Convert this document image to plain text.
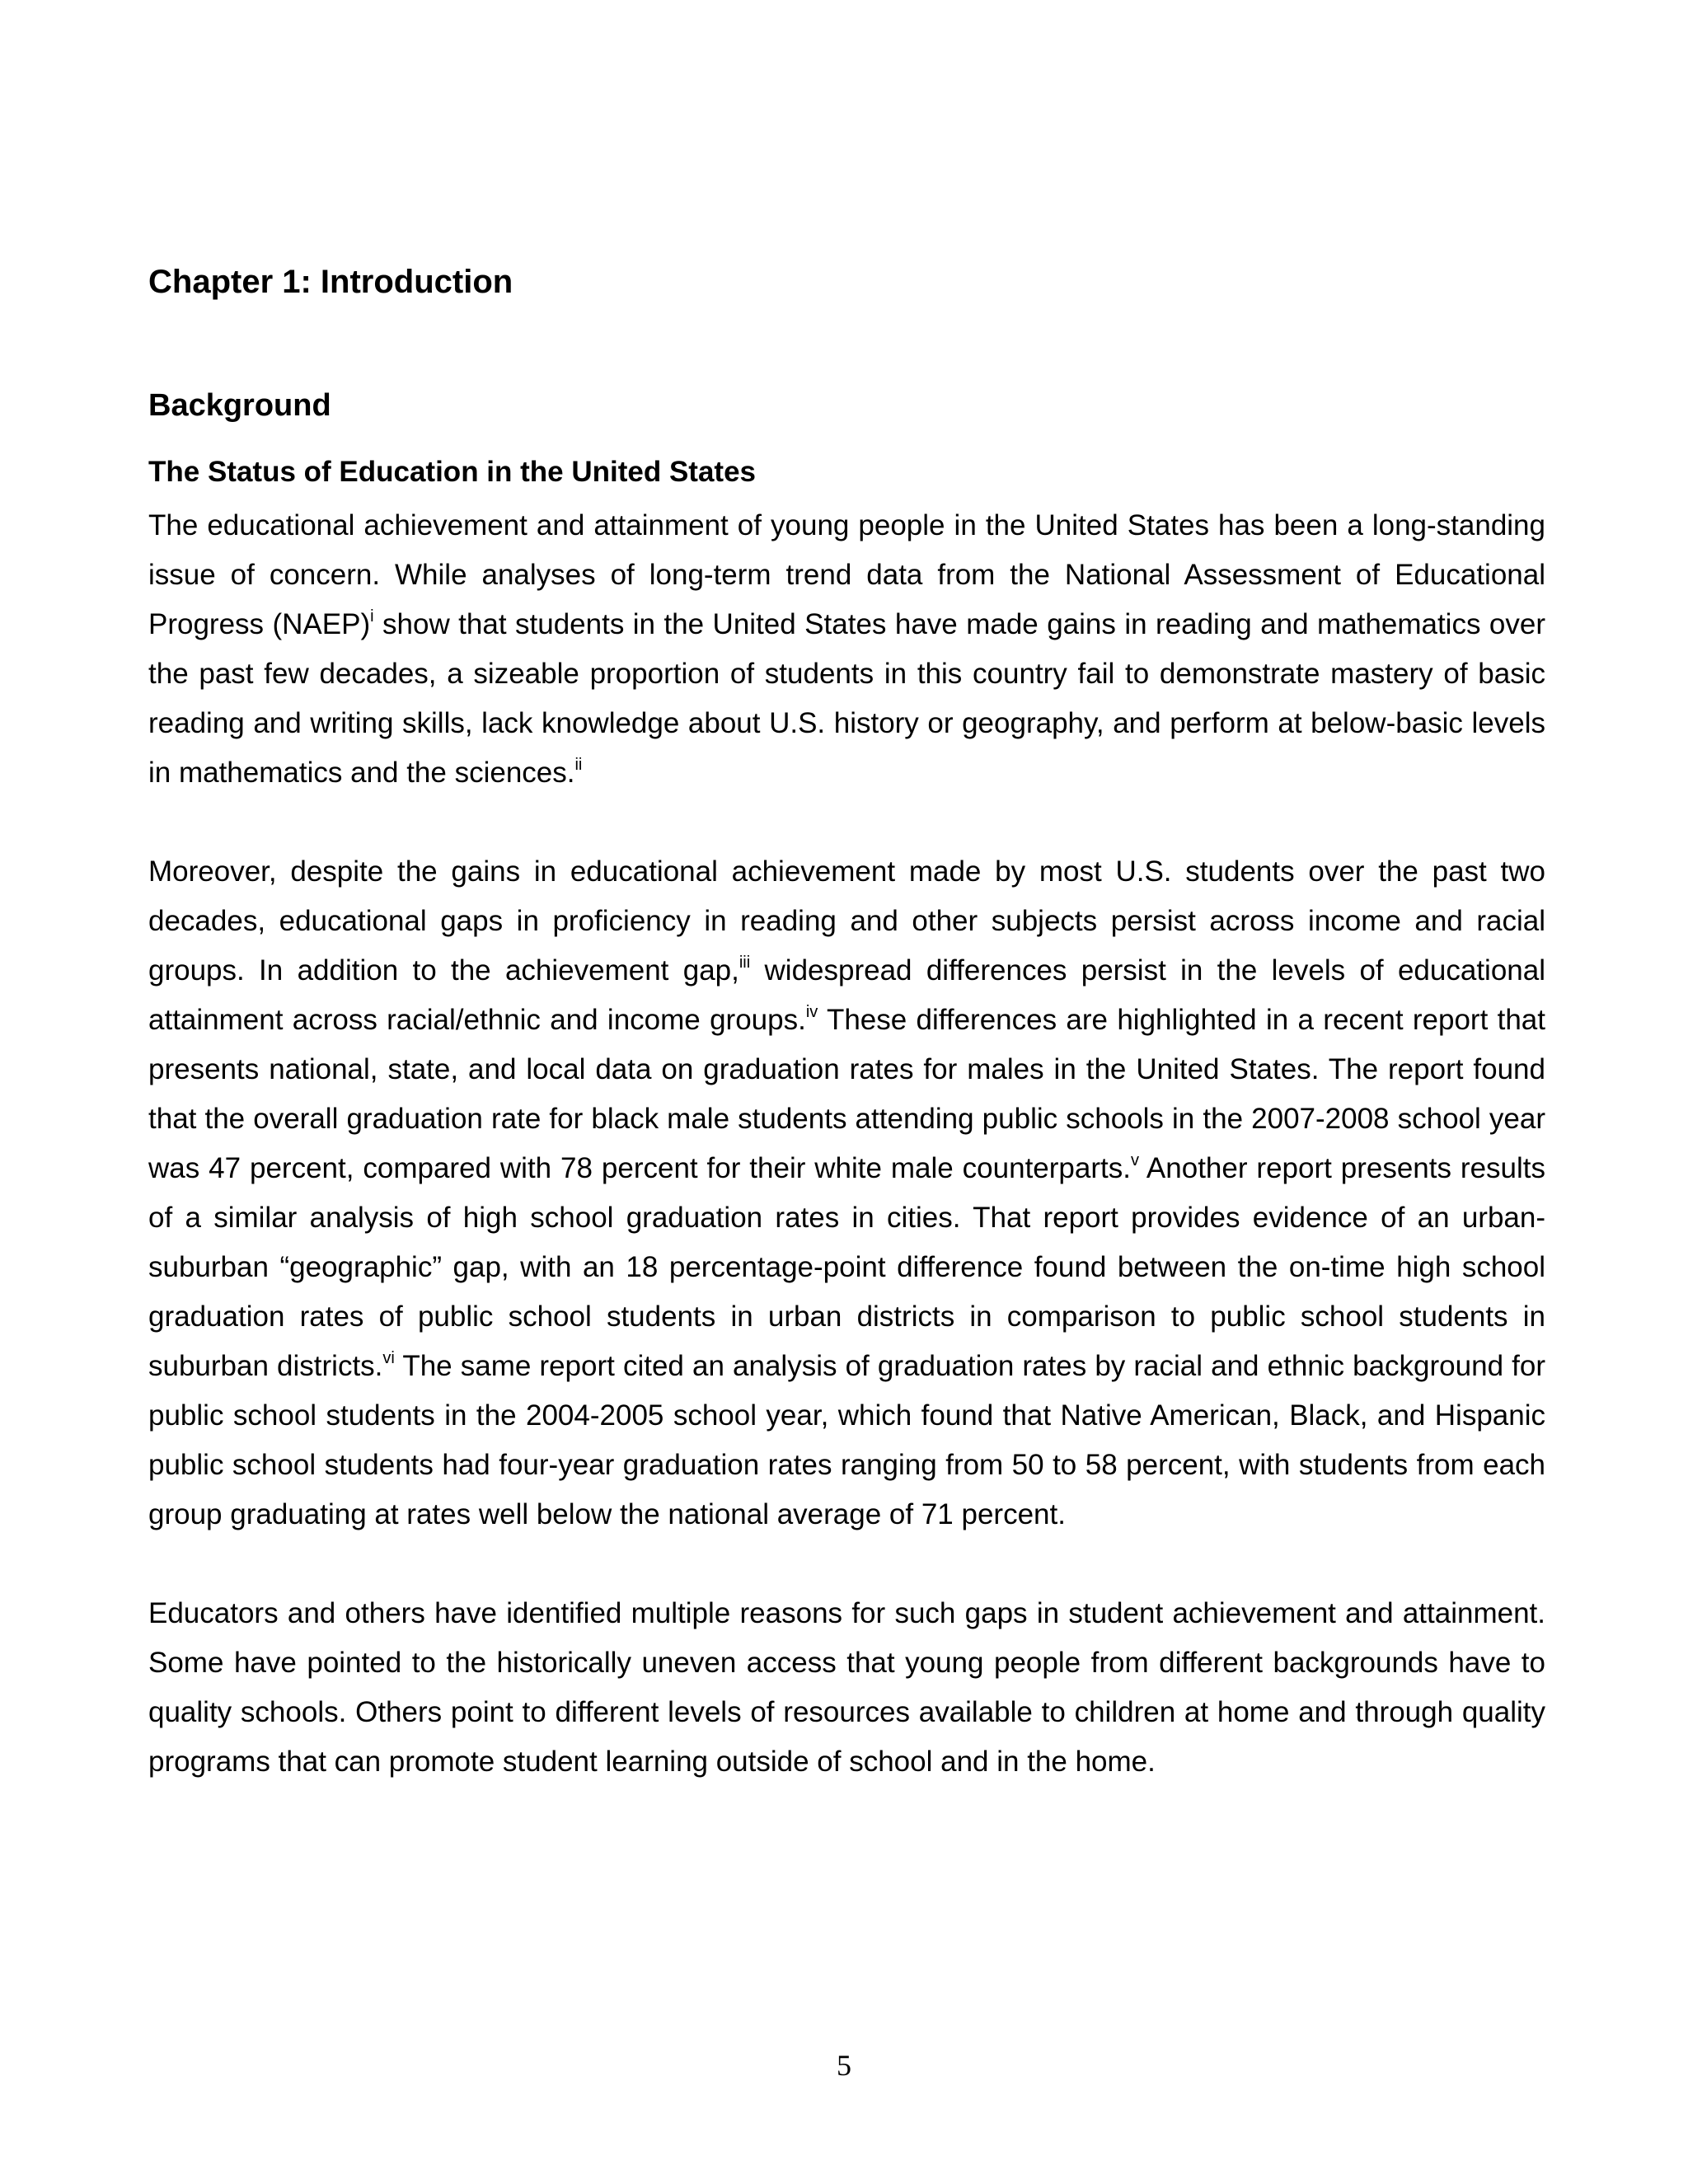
Chapter 1: Introduction
Background
The Status of Education in the United States

The educational achievement and attainment of young people in the United States has been a long-standing issue of concern. While analyses of long-term trend data from the National Assessment of Educational Progress (NAEP)$^i$ show that students in the United States have made gains in reading and mathematics over the past few decades, a sizeable proportion of students in this country fail to demonstrate mastery of basic reading and writing skills, lack knowledge about U.S. history or geography, and perform at below-basic levels in mathematics and the sciences.$^{ii}$

Moreover, despite the gains in educational achievement made by most U.S. students over the past two decades, educational gaps in proficiency in reading and other subjects persist across income and racial groups. In addition to the achievement gap,$^{iii}$ widespread differences persist in the levels of educational attainment across racial/ethnic and income groups.$^{iv}$ These differences are highlighted in a recent report that presents national, state, and local data on graduation rates for males in the United States. The report found that the overall graduation rate for black male students attending public schools in the 2007-2008 school year was 47 percent, compared with 78 percent for their white male counterparts.$^v$ Another report presents results of a similar analysis of high school graduation rates in cities. That report provides evidence of an urban-suburban “geographic” gap, with an 18 percentage-point difference found between the on-time high school graduation rates of public school students in urban districts in comparison to public school students in suburban districts.$^{vi}$ The same report cited an analysis of graduation rates by racial and ethnic background for public school students in the 2004-2005 school year, which found that Native American, Black, and Hispanic public school students had four-year graduation rates ranging from 50 to 58 percent, with students from each group graduating at rates well below the national average of 71 percent.

Educators and others have identified multiple reasons for such gaps in student achievement and attainment. Some have pointed to the historically uneven access that young people from different backgrounds have to quality schools. Others point to different levels of resources available to children at home and through quality programs that can promote student learning outside of school and in the home.

5
